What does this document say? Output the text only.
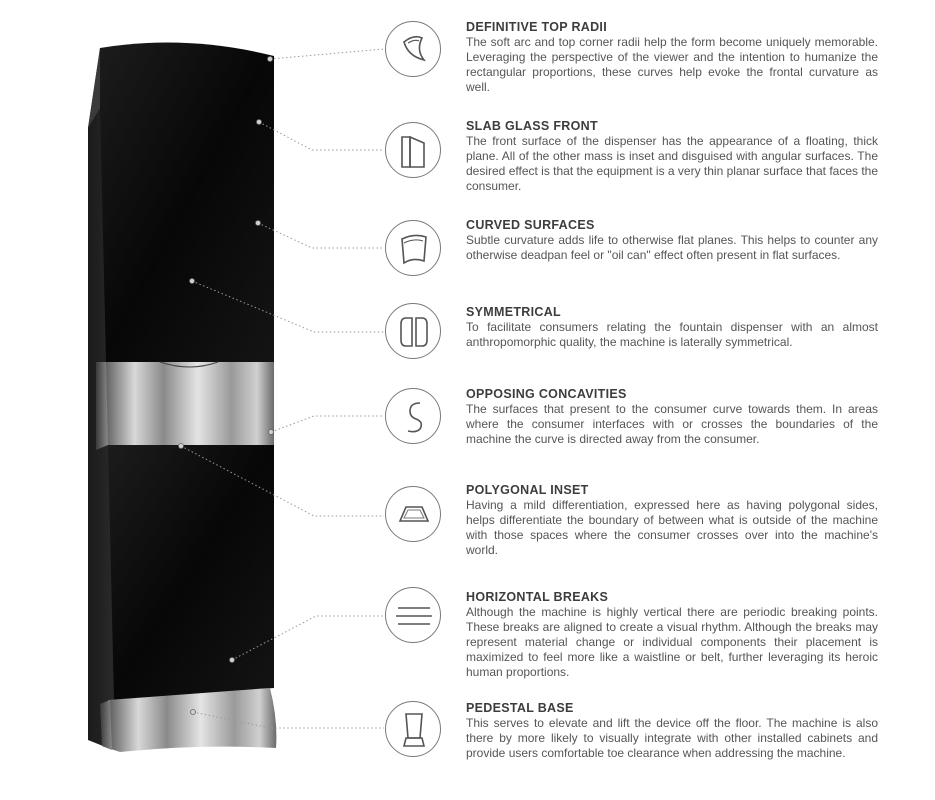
DEFINITIVE TOP RADII

The soft arc and top corner radii help the form become uniquely memorable. Leveraging the perspective of the viewer and the intention to humanize the rectangular proportions, these curves help evoke the frontal curvature as well.

SLAB GLASS FRONT

The front surface of the dispenser has the appearance of a floating, thick plane. All of the other mass is inset and disguised with angular surfaces. The desired effect is that the equipment is a very thin planar surface that faces the consumer.

CURVED SURFACES

Subtle curvature adds life to otherwise flat planes. This helps to counter any otherwise deadpan feel or "oil can" effect often present in flat surfaces.

SYMMETRICAL

To facilitate consumers relating the fountain dispenser with an almost anthropomorphic quality, the machine is laterally symmetrical.

OPPOSING CONCAVITIES

The surfaces that present to the consumer curve towards them. In areas where the consumer interfaces with or crosses the boundaries of the machine the curve is directed away from the consumer.

POLYGONAL INSET

Having a mild differentiation, expressed here as having polygonal sides, helps differentiate the boundary of between what is outside of the machine with those spaces where the consumer crosses over into the machine's world.

HORIZONTAL BREAKS

Although the machine is highly vertical there are periodic breaking points. These breaks are aligned to create a visual rhythm. Although the breaks may represent material change or individual components their placement is maximized to feel more like a waistline or belt, further leveraging its heroic human proportions.

PEDESTAL BASE

This serves to elevate and lift the device off the floor. The machine is also there by more likely to visually integrate with other installed cabinets and provide users comfortable toe clearance when addressing the machine.
